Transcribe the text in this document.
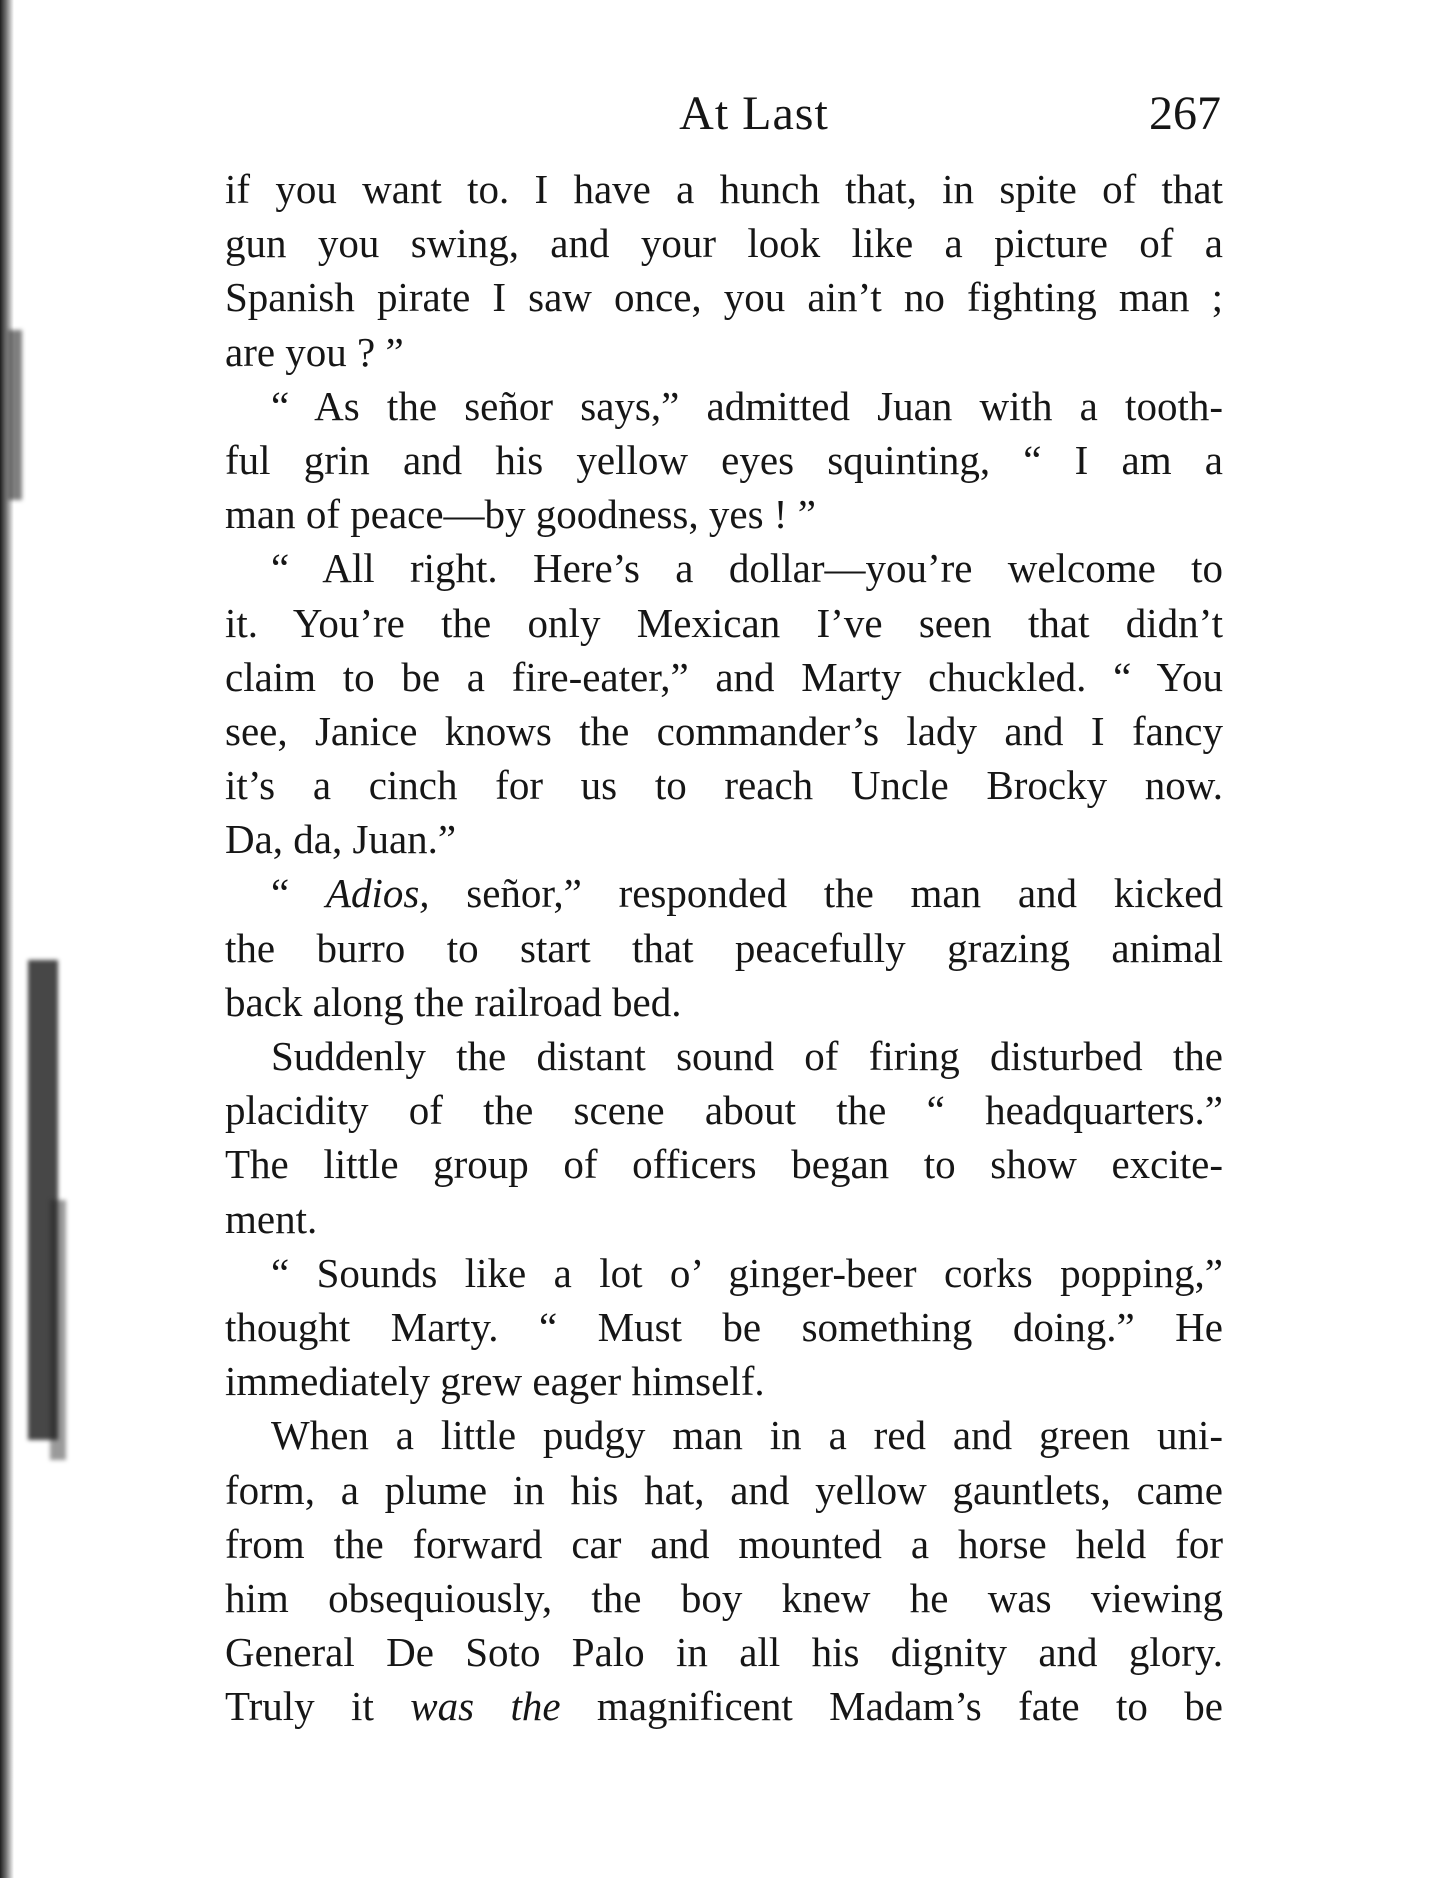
At Last	267
if you want to. I have a hunch that, in spite of that
gun you swing, and your look like a picture of a
Spanish pirate I saw once, you ain’t no fighting man ;
are you ? ”
“ As the señor says,” admitted Juan with a tooth-
ful grin and his yellow eyes squinting, “ I am a
man of peace—by goodness, yes ! ”
“ All right. Here’s a dollar—you’re welcome to
it. You’re the only Mexican I’ve seen that didn’t
claim to be a fire-eater,” and Marty chuckled. “ You
see, Janice knows the commander’s lady and I fancy
it’s a cinch for us to reach Uncle Brocky now.
Da, da, Juan.”
“ Adios, señor,” responded the man and kicked
the burro to start that peacefully grazing animal
back along the railroad bed.
Suddenly the distant sound of firing disturbed the
placidity of the scene about the “ headquarters.”
The little group of officers began to show excite-
ment.
“ Sounds like a lot o’ ginger-beer corks popping,”
thought Marty. “ Must be something doing.” He
immediately grew eager himself.
When a little pudgy man in a red and green uni-
form, a plume in his hat, and yellow gauntlets, came
from the forward car and mounted a horse held for
him obsequiously, the boy knew he was viewing
General De Soto Palo in all his dignity and glory.
Truly it was the magnificent Madam’s fate to be
